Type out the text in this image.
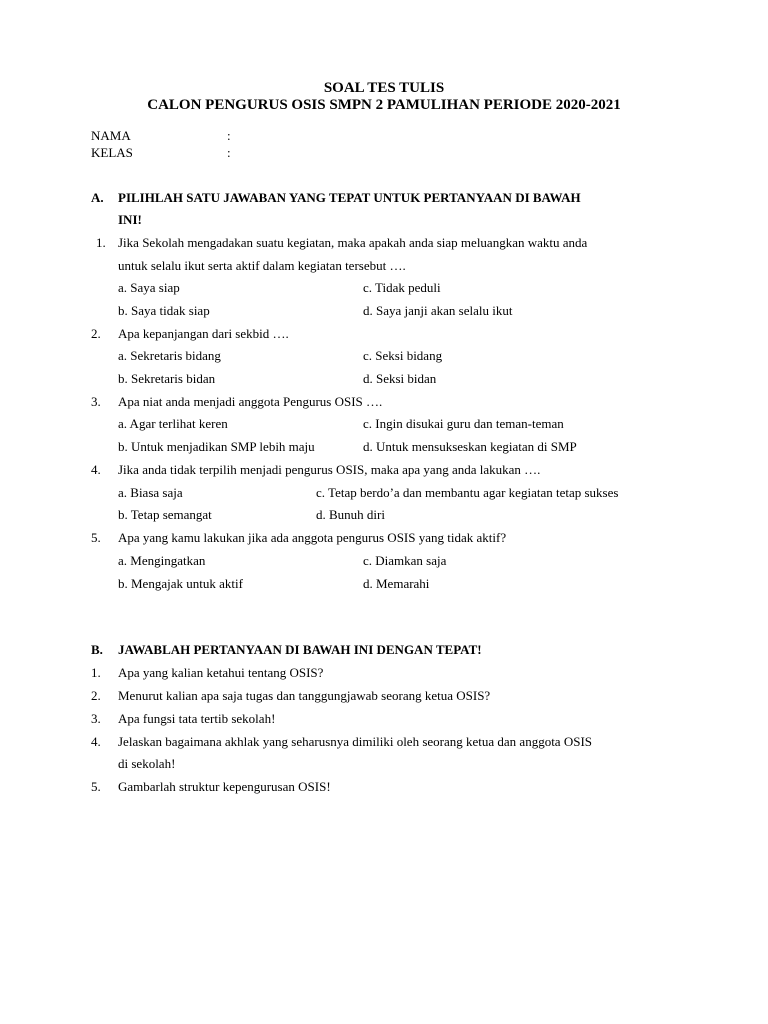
SOAL TES TULIS
CALON PENGURUS OSIS SMPN 2 PAMULIHAN PERIODE 2020-2021
NAMA	:
KELAS	:
A. PILIHLAH SATU JAWABAN YANG TEPAT UNTUK PERTANYAAN DI BAWAH
INI!
1. Jika Sekolah mengadakan suatu kegiatan, maka apakah anda siap meluangkan waktu anda
untuk selalu ikut serta aktif dalam kegiatan tersebut ….
a. Saya siap	c. Tidak peduli
b. Saya tidak siap	d. Saya janji akan selalu ikut
2. Apa kepanjangan dari sekbid ….
a. Sekretaris bidang	c. Seksi bidang
b. Sekretaris bidan	d. Seksi bidan
3. Apa niat anda menjadi anggota Pengurus OSIS ….
a. Agar terlihat keren	c. Ingin disukai guru dan teman-teman
b. Untuk menjadikan SMP lebih maju	d. Untuk mensukseskan kegiatan di SMP
4. Jika anda tidak terpilih menjadi pengurus OSIS, maka apa yang anda lakukan ….
a. Biasa saja	c. Tetap berdo’a dan membantu agar kegiatan tetap sukses
b. Tetap semangat	d. Bunuh diri
5. Apa yang kamu lakukan jika ada anggota pengurus OSIS yang tidak aktif?
a. Mengingatkan	c. Diamkan saja
b. Mengajak untuk aktif	d. Memarahi
B. JAWABLAH PERTANYAAN DI BAWAH INI DENGAN TEPAT!
1. Apa yang kalian ketahui tentang OSIS?
2. Menurut kalian apa saja tugas dan tanggungjawab seorang ketua OSIS?
3. Apa fungsi tata tertib sekolah!
4. Jelaskan bagaimana akhlak yang seharusnya dimiliki oleh seorang ketua dan anggota OSIS
di sekolah!
5. Gambarlah struktur kepengurusan OSIS!
